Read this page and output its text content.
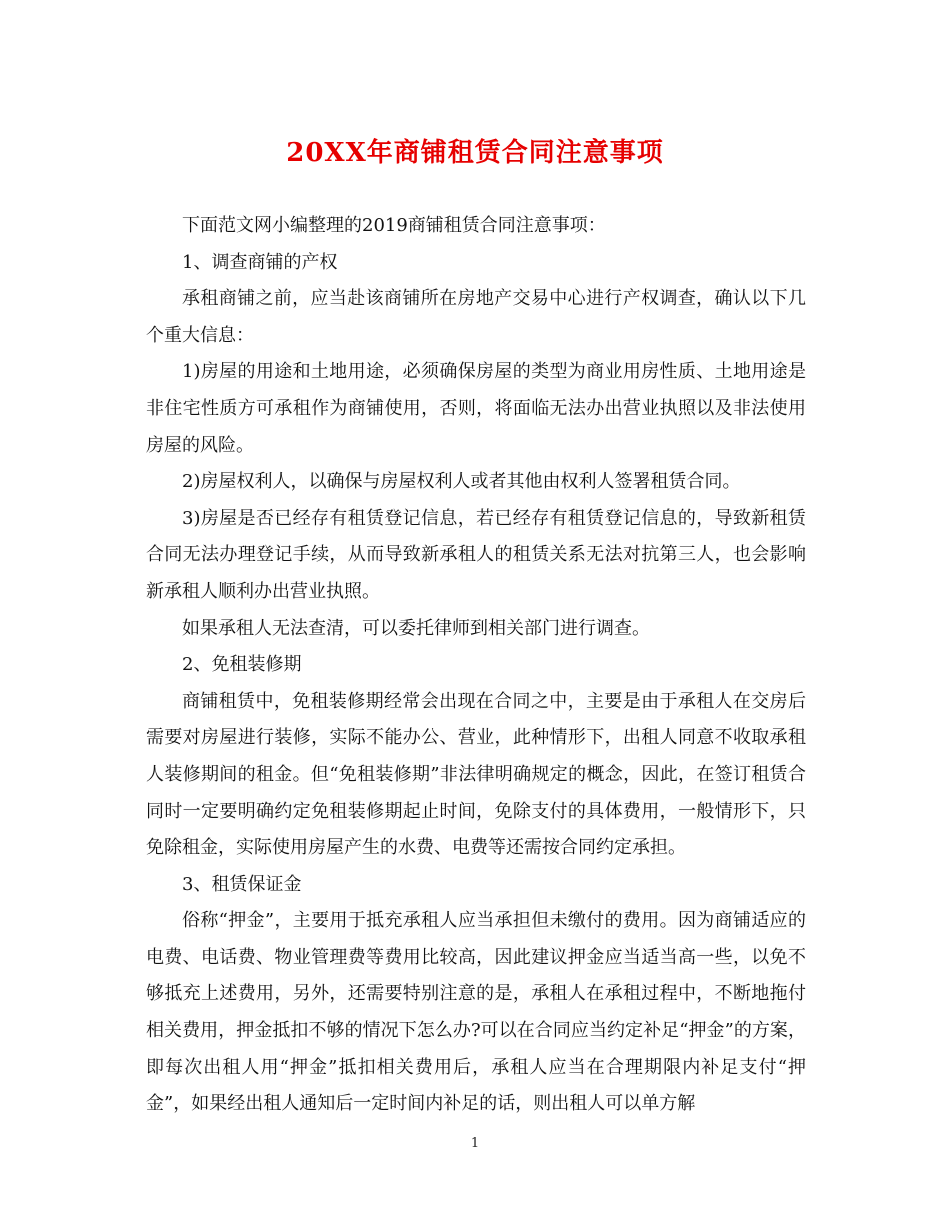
20XX年商铺租赁合同注意事项

下面范文网小编整理的2019商铺租赁合同注意事项：

1、调查商铺的产权

承租商铺之前，应当赴该商铺所在房地产交易中心进行产权调查，确认以下几个重大信息：

1)房屋的用途和土地用途，必须确保房屋的类型为商业用房性质、土地用途是非住宅性质方可承租作为商铺使用，否则，将面临无法办出营业执照以及非法使用房屋的风险。

2)房屋权利人，以确保与房屋权利人或者其他由权利人签署租赁合同。

3)房屋是否已经存有租赁登记信息，若已经存有租赁登记信息的，导致新租赁合同无法办理登记手续，从而导致新承租人的租赁关系无法对抗第三人，也会影响新承租人顺利办出营业执照。

如果承租人无法查清，可以委托律师到相关部门进行调查。

2、免租装修期

商铺租赁中，免租装修期经常会出现在合同之中，主要是由于承租人在交房后需要对房屋进行装修，实际不能办公、营业，此种情形下，出租人同意不收取承租人装修期间的租金。但“免租装修期”非法律明确规定的概念，因此，在签订租赁合同时一定要明确约定免租装修期起止时间，免除支付的具体费用，一般情形下，只免除租金，实际使用房屋产生的水费、电费等还需按合同约定承担。

3、租赁保证金

俗称“押金”，主要用于抵充承租人应当承担但未缴付的费用。因为商铺适应的电费、电话费、物业管理费等费用比较高，因此建议押金应当适当高一些，以免不够抵充上述费用，另外，还需要特别注意的是，承租人在承租过程中，不断地拖付相关费用，押金抵扣不够的情况下怎么办?可以在合同应当约定补足“押金”的方案，即每次出租人用“押金”抵扣相关费用后，承租人应当在合理期限内补足支付“押金”，如果经出租人通知后一定时间内补足的话，则出租人可以单方解

1
